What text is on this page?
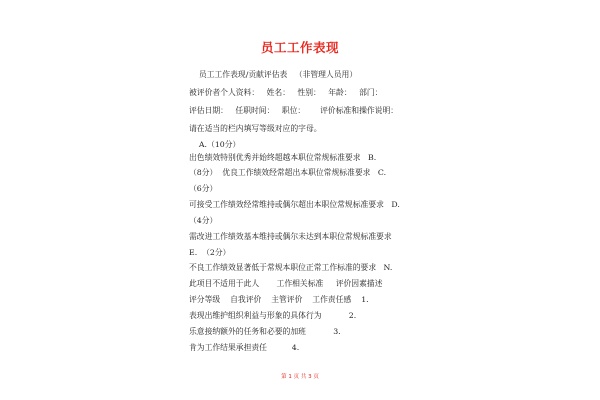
员工工作表现
员工工作表现/贡献评估表   （非管理人员用）
被评价者个人资料：   姓名：   性别：   年龄：   部门：
评估日期：   任职时间：   职位：      评价标准和操作说明：
请在适当的栏内填写等级对应的字母。
A.（10分）
出色绩效特别优秀并始终超越本职位常规标准要求   B.
（8分）  优良工作绩效经常超出本职位常规标准要求   C.
（6分）
可接受工作绩效经常维持或偶尔超出本职位常规标准要求   D.
（4分）
需改进工作绩效基本维持或偶尔未达到本职位常规标准要求
E.  （2分）
不良工作绩效显著低于常规本职位正常工作标准的要求   N.
此项目不适用于此人       工作相关标准     评价因素描述
评分等级    自我评价    主管评价    工作责任感    1.
表现出维护组织利益与形象的具体行为           2.
乐意接纳额外的任务和必要的加班           3.
肯为工作结果承担责任          4.
第 1 页 共 3 页
